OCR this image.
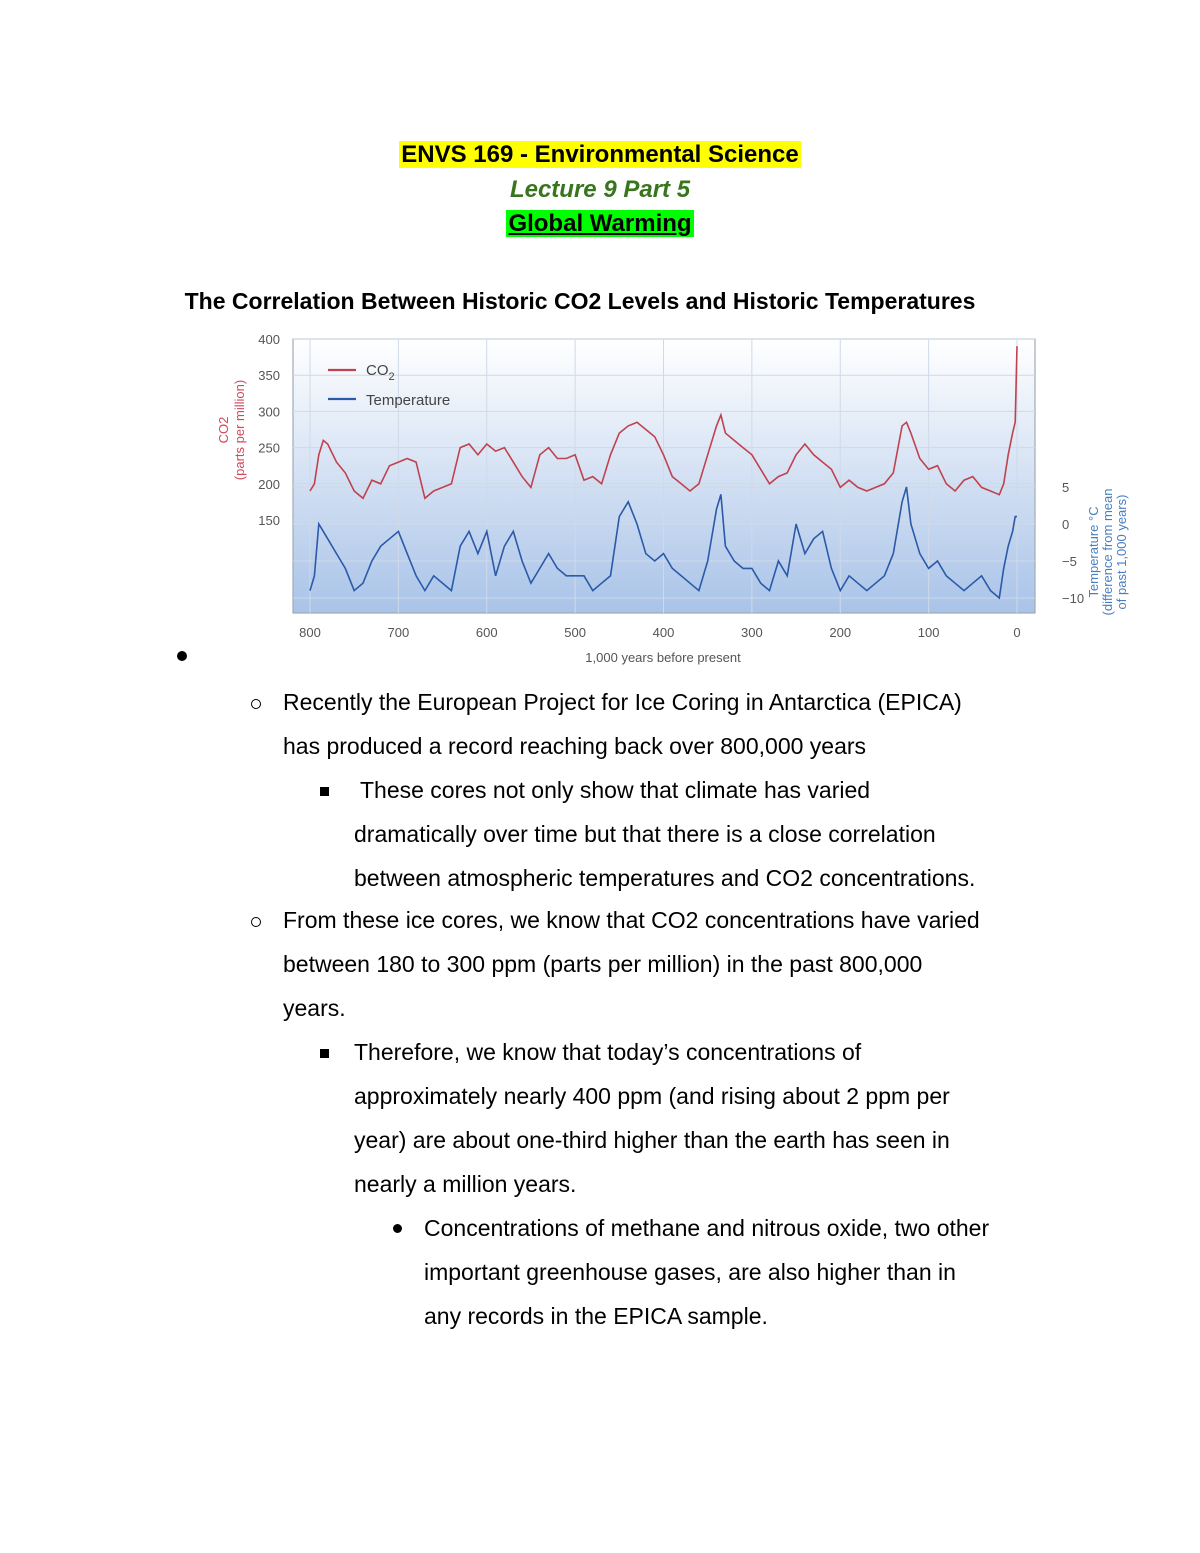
ENVS 169 - Environmental Science
Lecture 9 Part 5
Global Warming
The Correlation Between Historic CO2 Levels and Historic Temperatures
800	700	600	500	400	300	200	100	0
400
350
300
250
200
150
5
0
−5
−10
CO2 (parts per million)
Temperature °C (difference from mean of past 1,000 years)
1,000 years before present
$CO_2$
Temperature
Recently the European Project for Ice Coring in Antarctica (EPICA)
has produced a record reaching back over 800,000 years
These cores not only show that climate has varied
dramatically over time but that there is a close correlation
between atmospheric temperatures and CO2 concentrations.
From these ice cores, we know that CO2 concentrations have varied
between 180 to 300 ppm (parts per million) in the past 800,000
years.
Therefore, we know that today’s concentrations of
approximately nearly 400 ppm (and rising about 2 ppm per
year) are about one-third higher than the earth has seen in
nearly a million years.
Concentrations of methane and nitrous oxide, two other
important greenhouse gases, are also higher than in
any records in the EPICA sample.
